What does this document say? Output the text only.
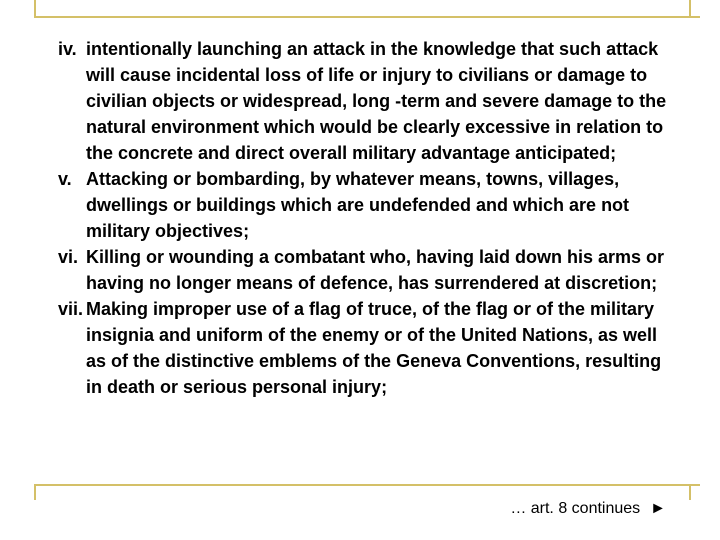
iv. intentionally launching an attack in the knowledge that such attack will cause incidental loss of life or injury to civilians or damage to civilian objects or widespread, long -term and severe damage to the natural environment which would be clearly excessive in relation to the concrete and direct overall military advantage anticipated;

v. Attacking or bombarding, by whatever means, towns, villages, dwellings or buildings which are undefended and which are not military objectives;

vi. Killing or wounding a combatant who, having laid down his arms or having no longer means of defence, has surrendered at discretion;

vii. Making improper use of a flag of truce, of the flag or of the military insignia and uniform of the enemy or of the United Nations, as well as of the distinctive emblems of the Geneva Conventions, resulting in death or serious personal injury;

… art. 8 continues ►
